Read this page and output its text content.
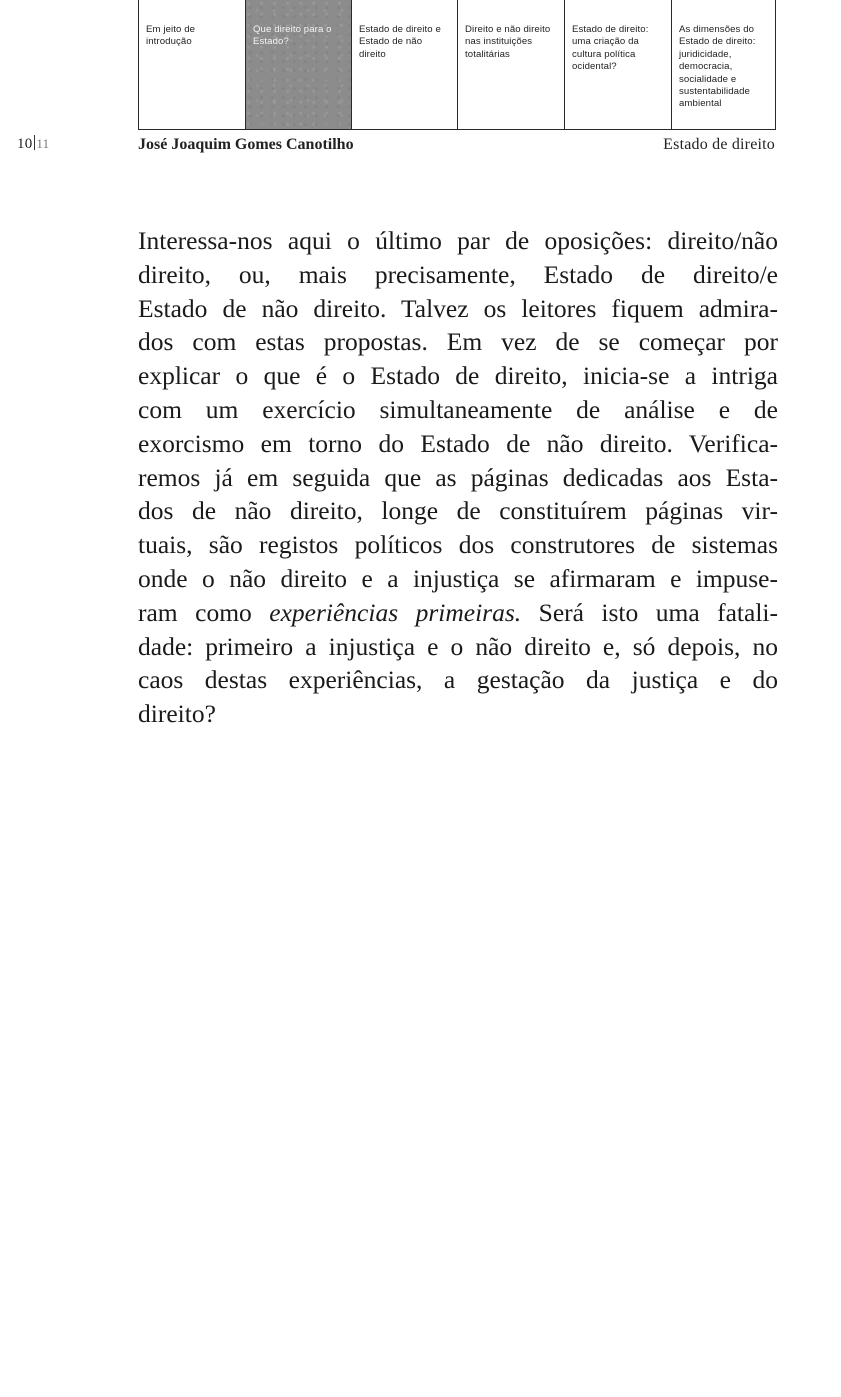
Em jeito de introdução
Que direito para o Estado?
Estado de direito e Estado de não direito
Direito e não direito nas instituições totalitárias
Estado de direito: uma criação da cultura política ocidental?
As dimensões do Estado de direito: juridicidade, democracia, socialidade e sustentabilidade ambiental
10 11	José Joaquim Gomes Canotilho	Estado de direito
Interessa-nos aqui o último par de oposições: direito/não
direito, ou, mais precisamente, Estado de direito/e
Estado de não direito. Talvez os leitores fiquem admira-
dos com estas propostas. Em vez de se começar por
explicar o que é o Estado de direito, inicia-se a intriga
com um exercício simultaneamente de análise e de
exorcismo em torno do Estado de não direito. Verifica-
remos já em seguida que as páginas dedicadas aos Esta-
dos de não direito, longe de constituírem páginas vir-
tuais, são registos políticos dos construtores de sistemas
onde o não direito e a injustiça se afirmaram e impuse-
ram como experiências primeiras. Será isto uma fatali-
dade: primeiro a injustiça e o não direito e, só depois, no
caos destas experiências, a gestação da justiça e do
direito?
